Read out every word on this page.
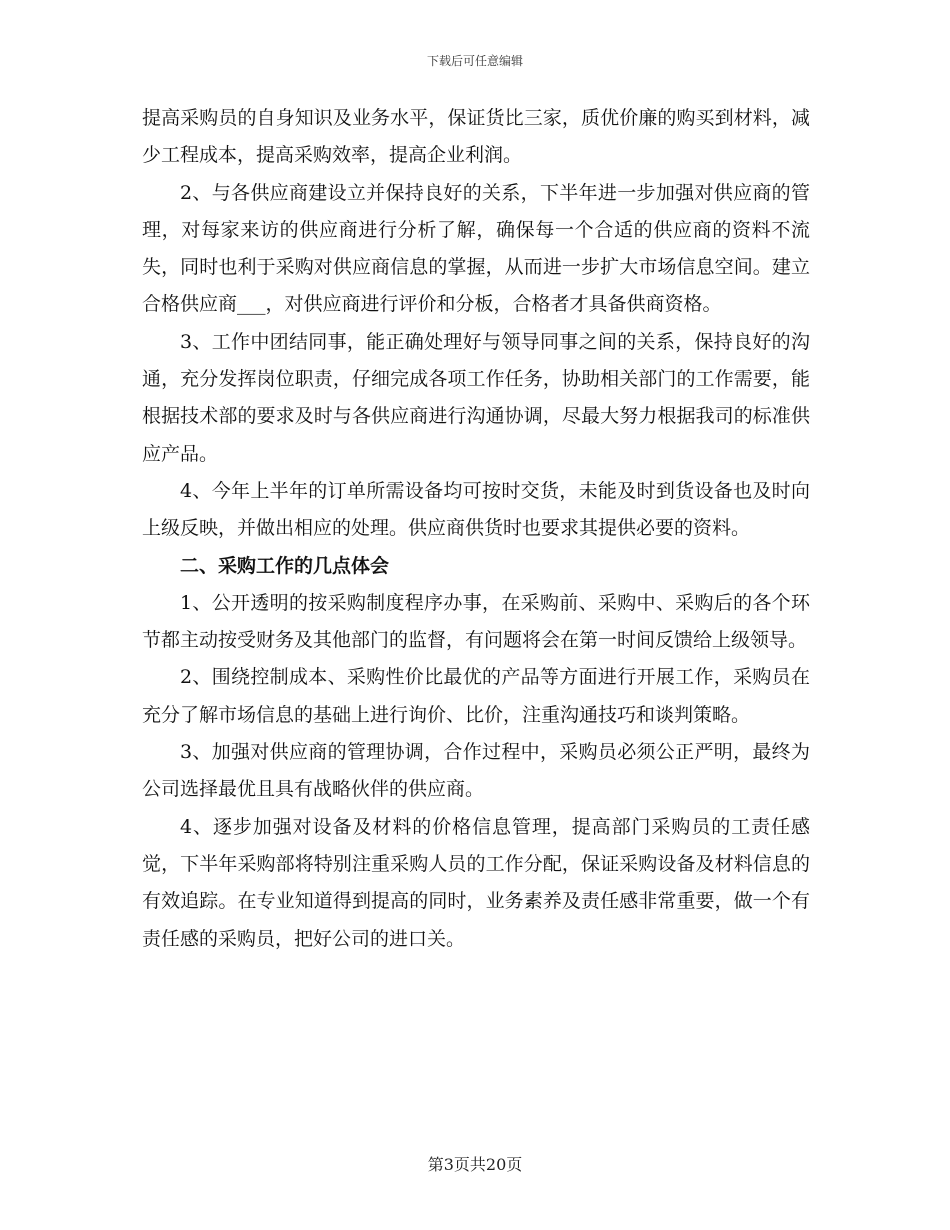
下载后可任意编辑

提高采购员的自身知识及业务水平，保证货比三家，质优价廉的购买到材料，减少工程成本，提高采购效率，提高企业利润。

2、与各供应商建设立并保持良好的关系，下半年进一步加强对供应商的管理，对每家来访的供应商进行分析了解，确保每一个合适的供应商的资料不流失，同时也利于采购对供应商信息的掌握，从而进一步扩大市场信息空间。建立合格供应商___，对供应商进行评价和分板，合格者才具备供商资格。

3、工作中团结同事，能正确处理好与领导同事之间的关系，保持良好的沟通，充分发挥岗位职责，仔细完成各项工作任务，协助相关部门的工作需要，能根据技术部的要求及时与各供应商进行沟通协调，尽最大努力根据我司的标准供应产品。

4、今年上半年的订单所需设备均可按时交货，未能及时到货设备也及时向上级反映，并做出相应的处理。供应商供货时也要求其提供必要的资料。

二、采购工作的几点体会

1、公开透明的按采购制度程序办事，在采购前、采购中、采购后的各个环节都主动按受财务及其他部门的监督，有问题将会在第一时间反馈给上级领导。

2、围绕控制成本、采购性价比最优的产品等方面进行开展工作，采购员在充分了解市场信息的基础上进行询价、比价，注重沟通技巧和谈判策略。

3、加强对供应商的管理协调，合作过程中，采购员必须公正严明，最终为公司选择最优且具有战略伙伴的供应商。

4、逐步加强对设备及材料的价格信息管理，提高部门采购员的工责任感觉，下半年采购部将特别注重采购人员的工作分配，保证采购设备及材料信息的有效追踪。在专业知道得到提高的同时，业务素养及责任感非常重要，做一个有责任感的采购员，把好公司的进口关。

第3页共20页
